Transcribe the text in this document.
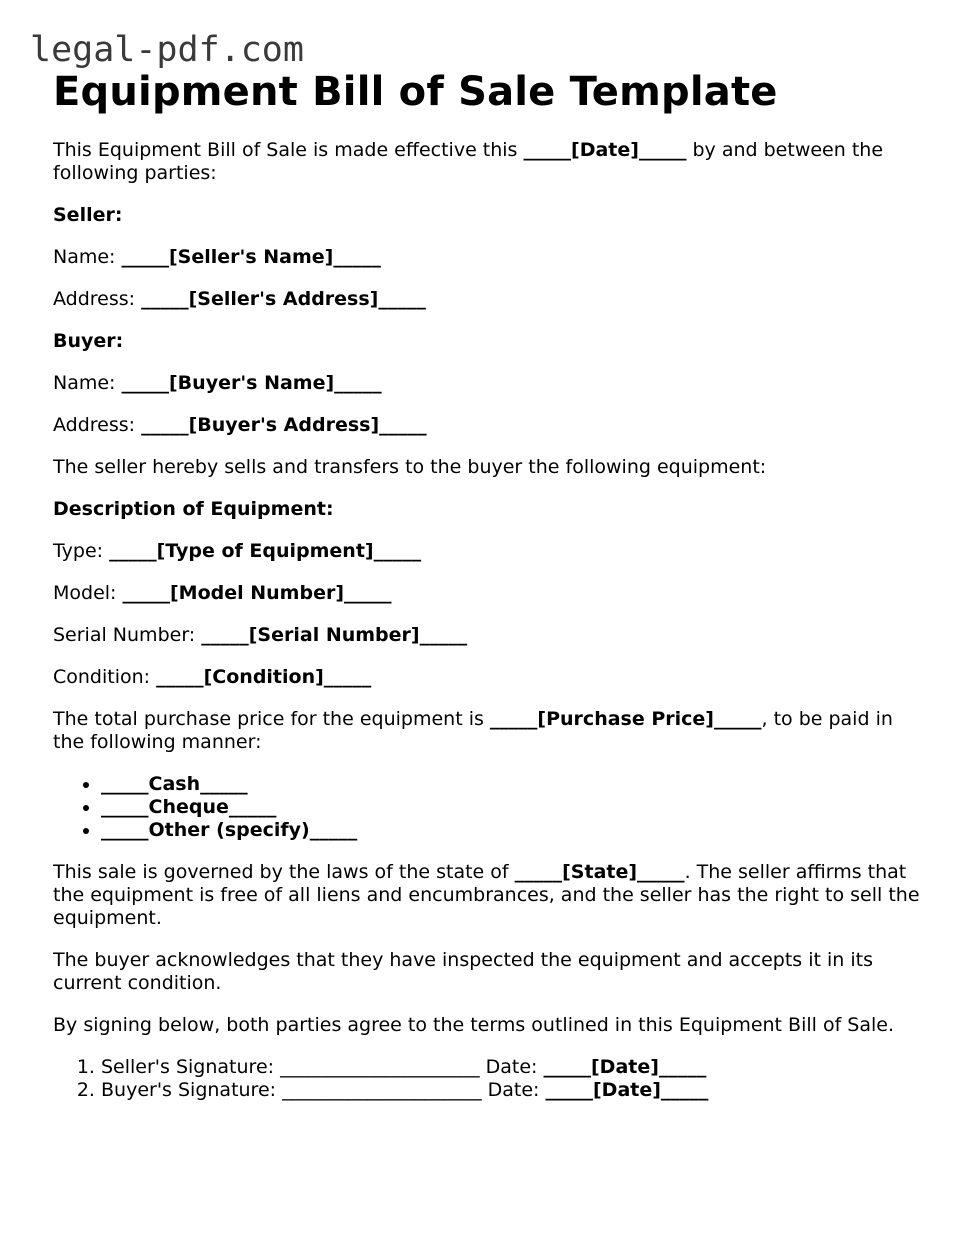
legal-pdf.com
Equipment Bill of Sale Template

This Equipment Bill of Sale is made effective this _____[Date]_____ by and between the following parties:

Seller:

Name: _____[Seller's Name]_____

Address: _____[Seller's Address]_____

Buyer:

Name: _____[Buyer's Name]_____

Address: _____[Buyer's Address]_____

The seller hereby sells and transfers to the buyer the following equipment:

Description of Equipment:

Type: _____[Type of Equipment]_____

Model: _____[Model Number]_____

Serial Number: _____[Serial Number]_____

Condition: _____[Condition]_____

The total purchase price for the equipment is _____[Purchase Price]_____, to be paid in the following manner:

• _____Cash_____
• _____Cheque_____
• _____Other (specify)_____

This sale is governed by the laws of the state of _____[State]_____. The seller affirms that the equipment is free of all liens and encumbrances, and the seller has the right to sell the equipment.

The buyer acknowledges that they have inspected the equipment and accepts it in its current condition.

By signing below, both parties agree to the terms outlined in this Equipment Bill of Sale.

1. Seller's Signature: _____________________ Date: _____[Date]_____
2. Buyer's Signature: _____________________ Date: _____[Date]_____
